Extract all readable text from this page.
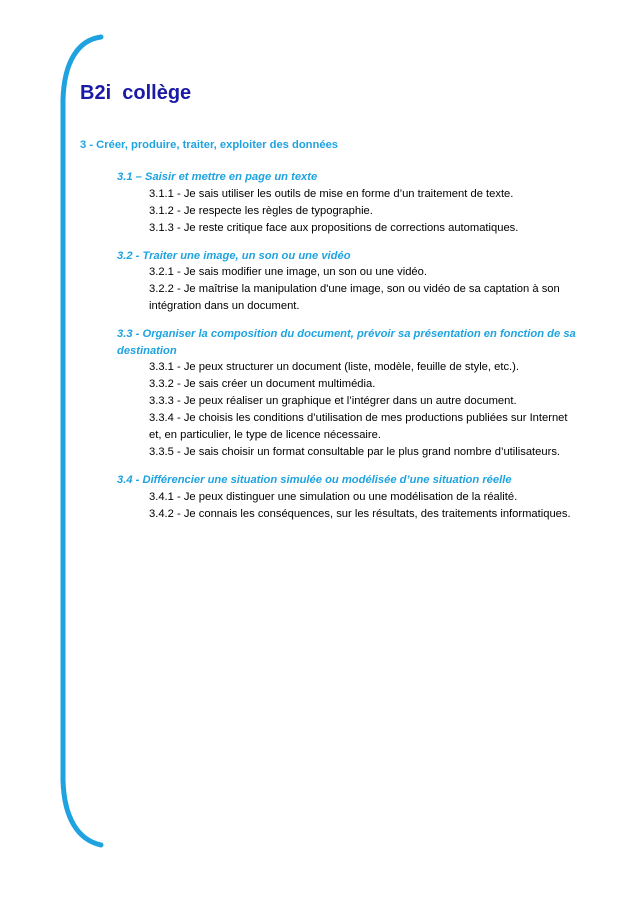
B2i  collège
3 - Créer, produire, traiter, exploiter des données
3.1 – Saisir et mettre en page un texte
3.1.1 - Je sais utiliser les outils de mise en forme d’un traitement de texte.
3.1.2 - Je respecte les règles de typographie.
3.1.3 - Je reste critique face aux propositions de corrections automatiques.
3.2 - Traiter une image, un son ou une vidéo
3.2.1 - Je sais modifier une image, un son ou une vidéo.
3.2.2 - Je maîtrise la manipulation d'une image, son ou vidéo de sa captation à son intégration dans un document.
3.3 - Organiser la composition du document, prévoir sa présentation en fonction de sa destination
3.3.1 - Je peux structurer un document (liste, modèle, feuille de style, etc.).
3.3.2 - Je sais créer un document multimédia.
3.3.3 - Je peux réaliser un graphique et l’intégrer dans un autre document.
3.3.4 - Je choisis les conditions d’utilisation de mes productions publiées sur Internet et, en particulier, le type de licence nécessaire.
3.3.5 - Je sais choisir un format consultable par le plus grand nombre d’utilisateurs.
3.4 - Différencier une situation simulée ou modélisée d’une situation réelle
3.4.1 - Je peux distinguer une simulation ou une modélisation de la réalité.
3.4.2 - Je connais les conséquences, sur les résultats, des traitements informatiques.
